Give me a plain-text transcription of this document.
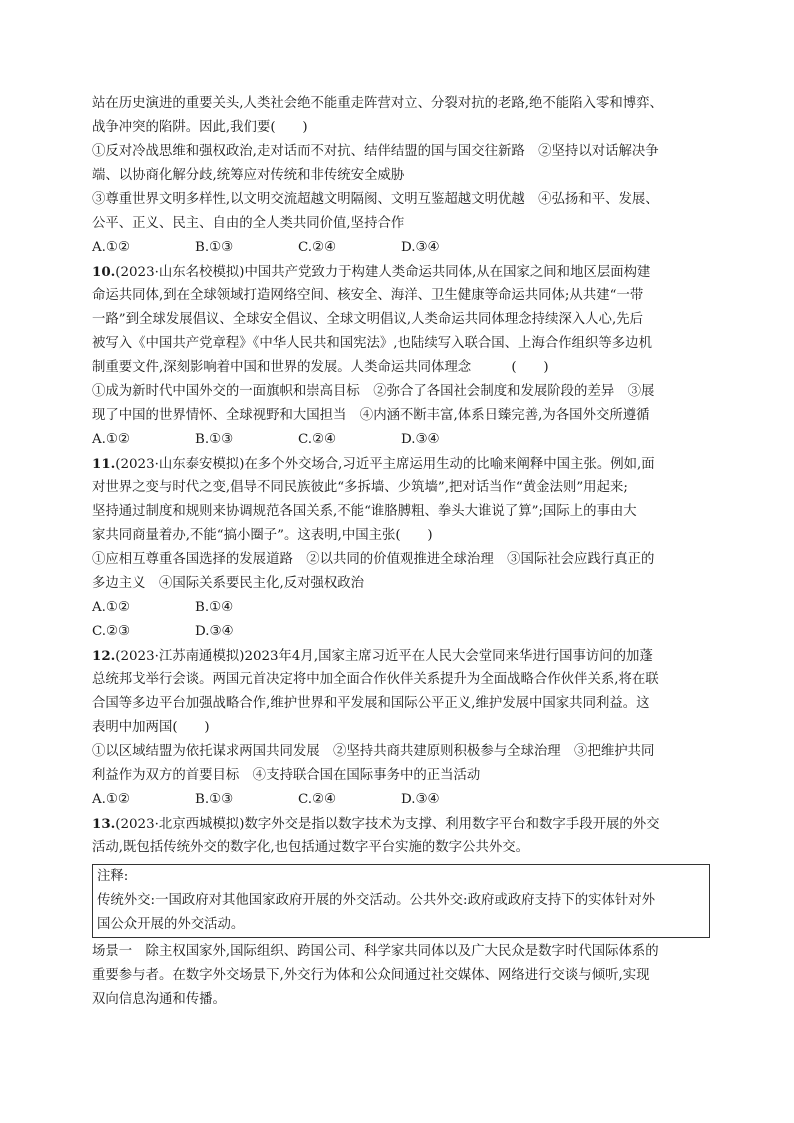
站在历史演进的重要关头,人类社会绝不能重走阵营对立、分裂对抗的老路,绝不能陷入零和博弈、
战争冲突的陷阱。因此,我们要(　　)
①反对冷战思维和强权政治,走对话而不对抗、结伴结盟的国与国交往新路　②坚持以对话解决争
端、以协商化解分歧,统筹应对传统和非传统安全威胁
③尊重世界文明多样性,以文明交流超越文明隔阂、文明互鉴超越文明优越　④弘扬和平、发展、
公平、正义、民主、自由的全人类共同价值,坚持合作
A.①②	B.①③	C.②④	D.③④
10.(2023·山东名校模拟)中国共产党致力于构建人类命运共同体,从在国家之间和地区层面构建
命运共同体,到在全球领域打造网络空间、核安全、海洋、卫生健康等命运共同体;从共建“一带
一路”到全球发展倡议、全球安全倡议、全球文明倡议,人类命运共同体理念持续深入人心,先后
被写入《中国共产党章程》《中华人民共和国宪法》,也陆续写入联合国、上海合作组织等多边机
制重要文件,深刻影响着中国和世界的发展。人类命运共同体理念　　　(　　)
①成为新时代中国外交的一面旗帜和崇高目标　②弥合了各国社会制度和发展阶段的差异　③展
现了中国的世界情怀、全球视野和大国担当　④内涵不断丰富,体系日臻完善,为各国外交所遵循
A.①②	B.①③	C.②④	D.③④
11.(2023·山东泰安模拟)在多个外交场合,习近平主席运用生动的比喻来阐释中国主张。例如,面
对世界之变与时代之变,倡导不同民族彼此“多拆墙、少筑墙”,把对话当作“黄金法则”用起来;
坚持通过制度和规则来协调规范各国关系,不能“谁胳膊粗、拳头大谁说了算”;国际上的事由大
家共同商量着办,不能“搞小圈子”。这表明,中国主张(　　)
①应相互尊重各国选择的发展道路　②以共同的价值观推进全球治理　③国际社会应践行真正的
多边主义　④国际关系要民主化,反对强权政治
A.①②	B.①④
C.②③	D.③④
12.(2023·江苏南通模拟)2023年4月,国家主席习近平在人民大会堂同来华进行国事访问的加蓬
总统邦戈举行会谈。两国元首决定将中加全面合作伙伴关系提升为全面战略合作伙伴关系,将在联
合国等多边平台加强战略合作,维护世界和平发展和国际公平正义,维护发展中国家共同利益。这
表明中加两国(　　)
①以区域结盟为依托谋求两国共同发展　②坚持共商共建原则积极参与全球治理　③把维护共同
利益作为双方的首要目标　④支持联合国在国际事务中的正当活动
A.①②	B.①③	C.②④	D.③④
13.(2023·北京西城模拟)数字外交是指以数字技术为支撑、利用数字平台和数字手段开展的外交
活动,既包括传统外交的数字化,也包括通过数字平台实施的数字公共外交。
注释:
传统外交:一国政府对其他国家政府开展的外交活动。公共外交:政府或政府支持下的实体针对外
国公众开展的外交活动。
场景一　除主权国家外,国际组织、跨国公司、科学家共同体以及广大民众是数字时代国际体系的
重要参与者。在数字外交场景下,外交行为体和公众间通过社交媒体、网络进行交谈与倾听,实现
双向信息沟通和传播。
